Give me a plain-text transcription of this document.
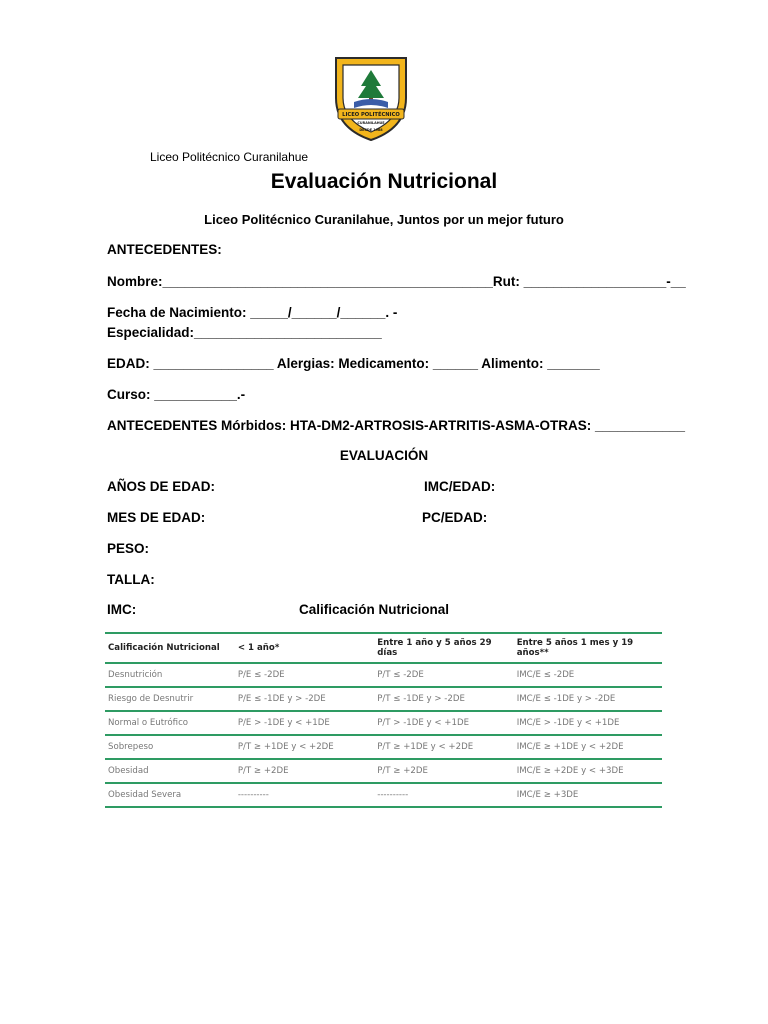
LICEO POLITÉCNICO
CURANILAHUE
DESDE 1988
Liceo Politécnico Curanilahue
Evaluación Nutricional
Liceo Politécnico Curanilahue, Juntos por un mejor futuro
ANTECEDENTES:
Nombre:____________________________________________Rut: ___________________-__
Fecha de Nacimiento: _____/______/______. -
Especialidad:_________________________
EDAD: ________________ Alergias: Medicamento: ______ Alimento: _______
Curso: ___________.-
ANTECEDENTES Mórbidos: HTA-DM2-ARTROSIS-ARTRITIS-ASMA-OTRAS: ____________
EVALUACIÓN
AÑOS DE EDAD:	IMC/EDAD:
MES DE EDAD:	PC/EDAD:
PESO:
TALLA:
IMC:	Calificación Nutricional
Calificación Nutricional	< 1 año*	Entre 1 año y 5 años 29 días	Entre 5 años 1 mes y 19 años**
Desnutrición	P/E ≤ -2DE	P/T ≤ -2DE	IMC/E ≤ -2DE
Riesgo de Desnutrir	P/E ≤ -1DE y > -2DE	P/T ≤ -1DE y > -2DE	IMC/E ≤ -1DE y > -2DE
Normal o Eutrófico	P/E > -1DE y < +1DE	P/T > -1DE y < +1DE	IMC/E > -1DE y < +1DE
Sobrepeso	P/T ≥ +1DE y < +2DE	P/T ≥ +1DE y < +2DE	IMC/E ≥ +1DE y < +2DE
Obesidad	P/T ≥ +2DE	P/T ≥ +2DE	IMC/E ≥ +2DE y < +3DE
Obesidad Severa	----------	----------	IMC/E ≥ +3DE
